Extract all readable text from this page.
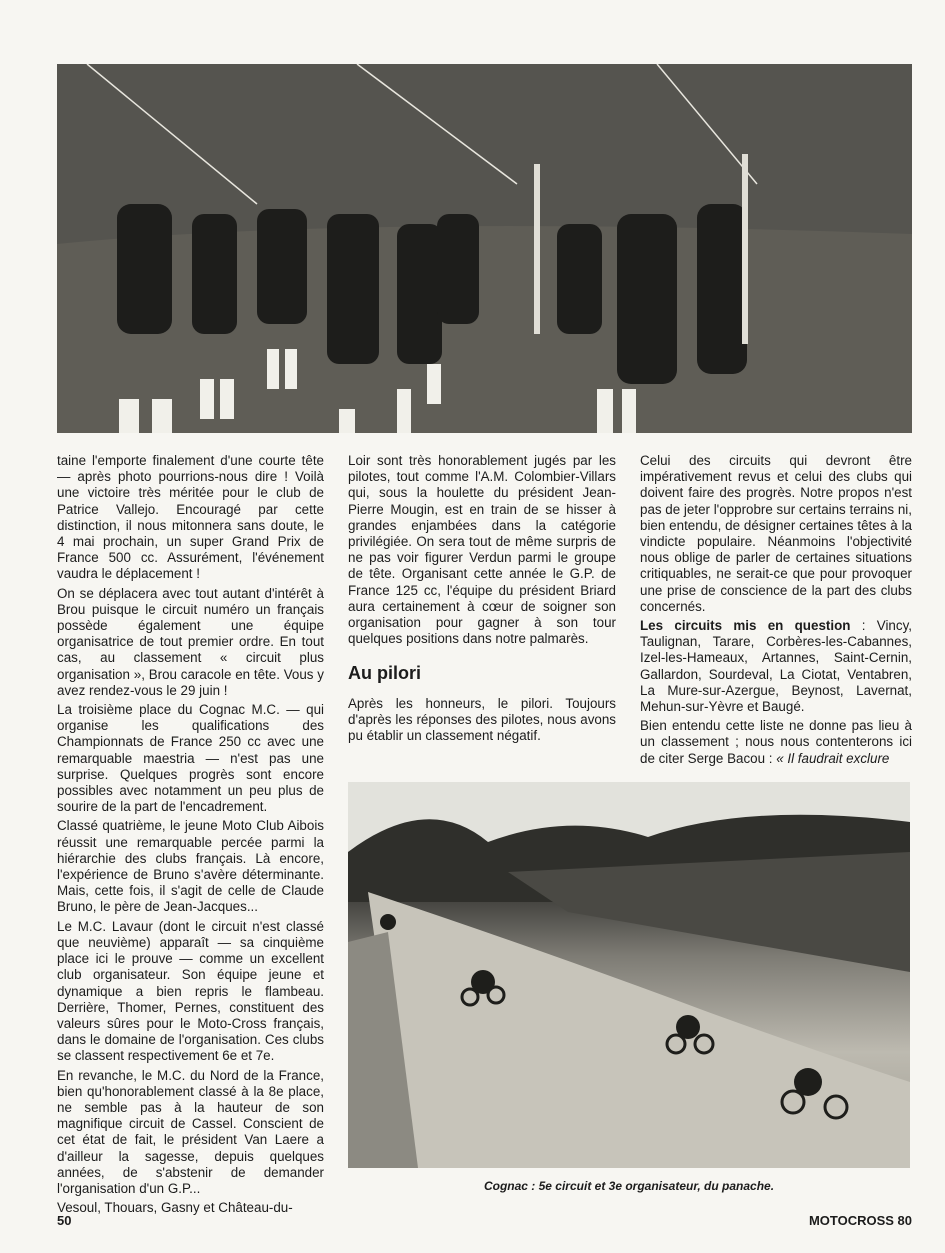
taine l'emporte finalement d'une courte tête — après photo pourrions-nous dire ! Voilà une victoire très méritée pour le club de Patrice Vallejo. Encouragé par cette distinction, il nous mitonnera sans doute, le 4 mai prochain, un super Grand Prix de France 500 cc. Assurément, l'événement vaudra le déplacement !

On se déplacera avec tout autant d'intérêt à Brou puisque le circuit numéro un français possède également une équipe organisatrice de tout premier ordre. En tout cas, au classement « circuit plus organisation », Brou caracole en tête. Vous y avez rendez-vous le 29 juin !

La troisième place du Cognac M.C. — qui organise les qualifications des Championnats de France 250 cc avec une remarquable maestria — n'est pas une surprise. Quelques progrès sont encore possibles avec notamment un peu plus de sourire de la part de l'encadrement.

Classé quatrième, le jeune Moto Club Aibois réussit une remarquable percée parmi la hiérarchie des clubs français. Là encore, l'expérience de Bruno s'avère déterminante. Mais, cette fois, il s'agit de celle de Claude Bruno, le père de Jean-Jacques...

Le M.C. Lavaur (dont le circuit n'est classé que neuvième) apparaît — sa cinquième place ici le prouve — comme un excellent club organisateur. Son équipe jeune et dynamique a bien repris le flambeau. Derrière, Thomer, Pernes, constituent des valeurs sûres pour le Moto-Cross français, dans le domaine de l'organisation. Ces clubs se classent respectivement 6e et 7e.

En revanche, le M.C. du Nord de la France, bien qu'honorablement classé à la 8e place, ne semble pas à la hauteur de son magnifique circuit de Cassel. Conscient de cet état de fait, le président Van Laere a d'ailleur la sagesse, depuis quelques années, de s'abstenir de demander l'organisation d'un G.P...

Vesoul, Thouars, Gasny et Château-du-

Loir sont très honorablement jugés par les pilotes, tout comme l'A.M. Colombier-Villars qui, sous la houlette du président Jean-Pierre Mougin, est en train de se hisser à grandes enjambées dans la catégorie privilégiée. On sera tout de même surpris de ne pas voir figurer Verdun parmi le groupe de tête. Organisant cette année le G.P. de France 125 cc, l'équipe du président Briard aura certainement à cœur de soigner son organisation pour gagner à son tour quelques positions dans notre palmarès.

Au pilori

Après les honneurs, le pilori. Toujours d'après les réponses des pilotes, nous avons pu établir un classement négatif.

Celui des circuits qui devront être impérativement revus et celui des clubs qui doivent faire des progrès. Notre propos n'est pas de jeter l'opprobre sur certains terrains ni, bien entendu, de désigner certaines têtes à la vindicte populaire. Néanmoins l'objectivité nous oblige de parler de certaines situations critiquables, ne serait-ce que pour provoquer une prise de conscience de la part des clubs concernés.

Les circuits mis en question : Vincy, Taulignan, Tarare, Corbères-les-Cabannes, Izel-les-Hameaux, Artannes, Saint-Cernin, Gallardon, Sourdeval, La Ciotat, Ventabren, La Mure-sur-Azergue, Beynost, Lavernat, Mehun-sur-Yèvre et Baugé.

Bien entendu cette liste ne donne pas lieu à un classement ; nous nous contenterons ici de citer Serge Bacou : « Il faudrait exclure

Cognac : 5e circuit et 3e organisateur, du panache.
50	MOTOCROSS 80
